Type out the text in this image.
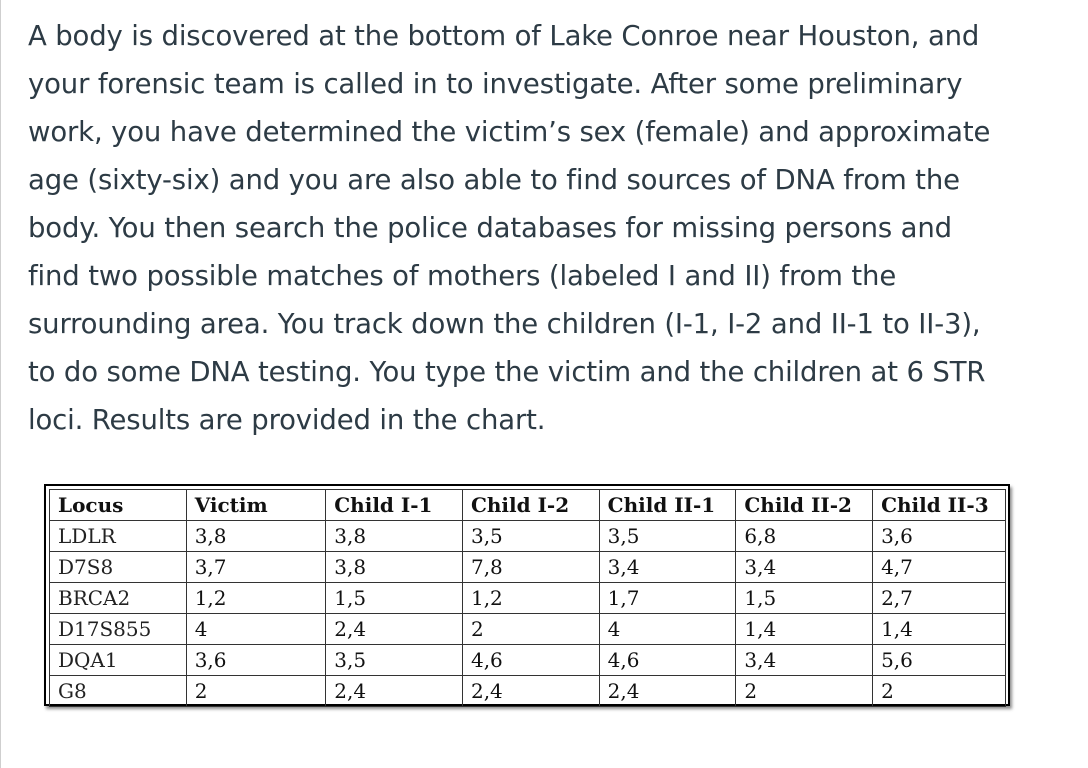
A body is discovered at the bottom of Lake Conroe near Houston, and
your forensic team is called in to investigate. After some preliminary
work, you have determined the victim’s sex (female) and approximate
age (sixty-six) and you are also able to find sources of DNA from the
body. You then search the police databases for missing persons and
find two possible matches of mothers (labeled I and II) from the
surrounding area. You track down the children (I-1, I-2 and II-1 to II-3),
to do some DNA testing. You type the victim and the children at 6 STR
loci. Results are provided in the chart.

Locus	Victim	Child I-1	Child I-2	Child II-1	Child II-2	Child II-3
LDLR	3,8	3,8	3,5	3,5	6,8	3,6
D7S8	3,7	3,8	7,8	3,4	3,4	4,7
BRCA2	1,2	1,5	1,2	1,7	1,5	2,7
D17S855	4	2,4	2	4	1,4	1,4
DQA1	3,6	3,5	4,6	4,6	3,4	5,6
G8	2	2,4	2,4	2,4	2	2
